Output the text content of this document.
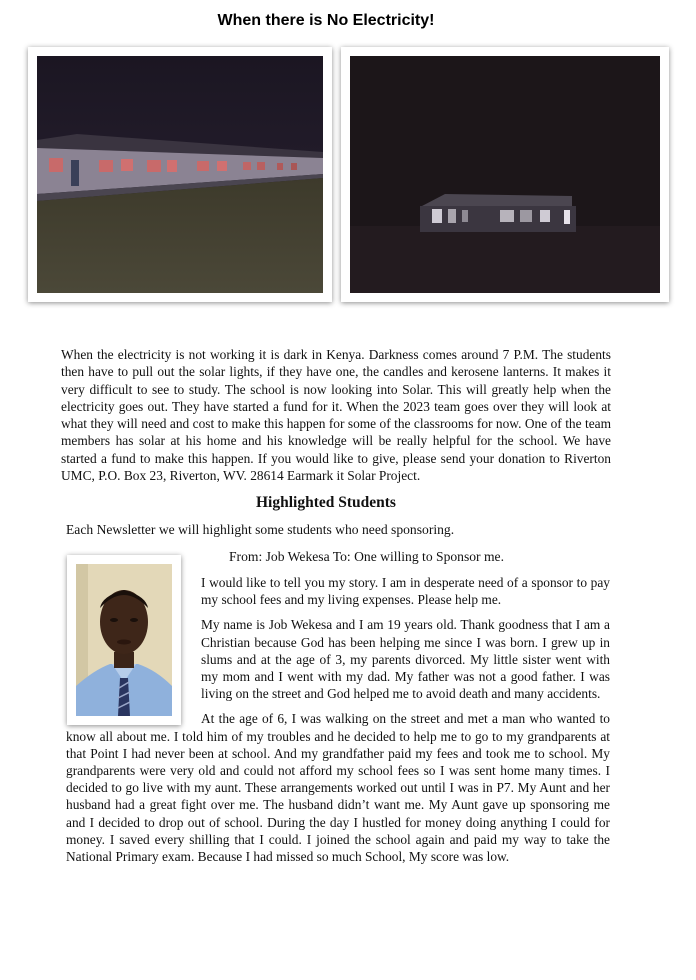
When there is No Electricity!
When the electricity is not working it is dark in Kenya. Darkness comes around 7 P.M. The students then have to pull out the solar lights, if they have one, the candles and kerosene lanterns. It makes it very difficult to see to study. The school is now looking into Solar. This will greatly help when the electricity goes out. They have started a fund for it. When the 2023 team goes over they will look at what they will need and cost to make this happen for some of the classrooms for now. One of the team members has solar at his home and his knowledge will be really helpful for the school. We have started a fund to make this happen. If you would like to give, please send your donation to Riverton UMC, P.O. Box 23, Riverton, WV. 28614 Earmark it Solar Project.
Highlighted Students
Each Newsletter we will highlight some students who need sponsoring.
From: Job Wekesa To: One willing to Sponsor me.

I would like to tell you my story. I am in desperate need of a sponsor to pay my school fees and my living expenses. Please help me.

My name is Job Wekesa and I am 19 years old. Thank goodness that I am a Christian because God has been helping me since I was born. I grew up in slums and at the age of 3, my parents divorced. My little sister went with my mom and I went with my dad. My father was not a good father. I was living on the street and God helped me to avoid death and many accidents.

At the age of 6, I was walking on the street and met a man who wanted to know all about me. I told him of my troubles and he decided to help me to go to my grandparents at that Point I had never been at school. And my grandfather paid my fees and took me to school. My grandparents were very old and could not afford my school fees so I was sent home many times. I decided to go live with my aunt. These arrangements worked out until I was in P7. My Aunt and her husband had a great fight over me. The husband didn’t want me. My Aunt gave up sponsoring me and I decided to drop out of school. During the day I hustled for money doing anything I could for money. I saved every shilling that I could. I joined the school again and paid my way to take the National Primary exam. Because I had missed so much School, My score was low.
